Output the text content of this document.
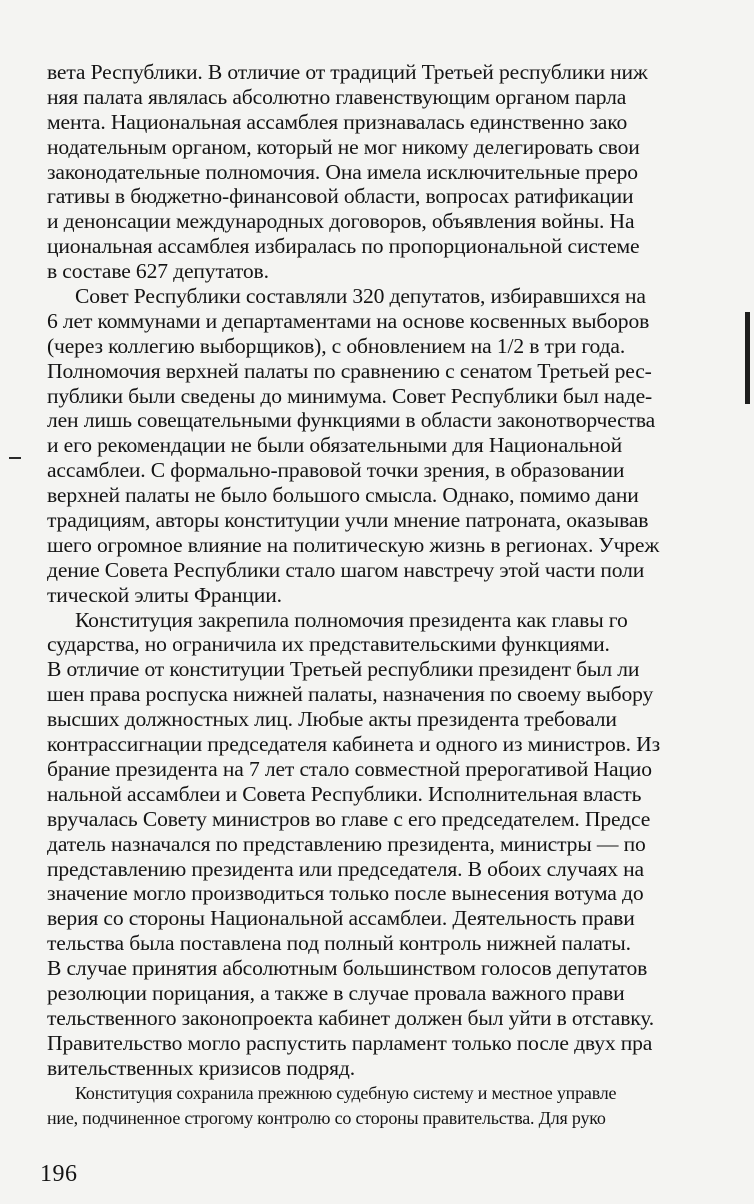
вета Республики. В отличие от традиций Третьей республики ниж
няя палата являлась абсолютно главенствующим органом парла
мента. Национальная ассамблея признавалась единственно зако
нодательным органом, который не мог никому делегировать свои
законодательные полномочия. Она имела исключительные преро
гативы в бюджетно-финансовой области, вопросах ратификации
и денонсации международных договоров, объявления войны. На
циональная ассамблея избиралась по пропорциональной системе
в составе 627 депутатов.
Совет Республики составляли 320 депутатов, избиравшихся на
6 лет коммунами и департаментами на основе косвенных выборов
(через коллегию выборщиков), с обновлением на 1/2 в три года.
Полномочия верхней палаты по сравнению с сенатом Третьей рес-
публики были сведены до минимума. Совет Республики был наде-
лен лишь совещательными функциями в области законотворчества
и его рекомендации не были обязательными для Национальной
ассамблеи. С формально-правовой точки зрения, в образовании
верхней палаты не было большого смысла. Однако, помимо дани
традициям, авторы конституции учли мнение патроната, оказывав
шего огромное влияние на политическую жизнь в регионах. Учреж
дение Совета Республики стало шагом навстречу этой части поли
тической элиты Франции.
Конституция закрепила полномочия президента как главы го
сударства, но ограничила их представительскими функциями.
В отличие от конституции Третьей республики президент был ли
шен права роспуска нижней палаты, назначения по своему выбору
высших должностных лиц. Любые акты президента требовали
контрассигнации председателя кабинета и одного из министров. Из
брание президента на 7 лет стало совместной прерогативой Нацио
нальной ассамблеи и Совета Республики. Исполнительная власть
вручалась Совету министров во главе с его председателем. Предсе
датель назначался по представлению президента, министры — по
представлению президента или председателя. В обоих случаях на
значение могло производиться только после вынесения вотума до
верия со стороны Национальной ассамблеи. Деятельность прави
тельства была поставлена под полный контроль нижней палаты.
В случае принятия абсолютным большинством голосов депутатов
резолюции порицания, а также в случае провала важного прави
тельственного законопроекта кабинет должен был уйти в отставку.
Правительство могло распустить парламент только после двух пра
вительственных кризисов подряд.
Конституция сохранила прежнюю судебную систему и местное управле
ние, подчиненное строгому контролю со стороны правительства. Для руко
196
